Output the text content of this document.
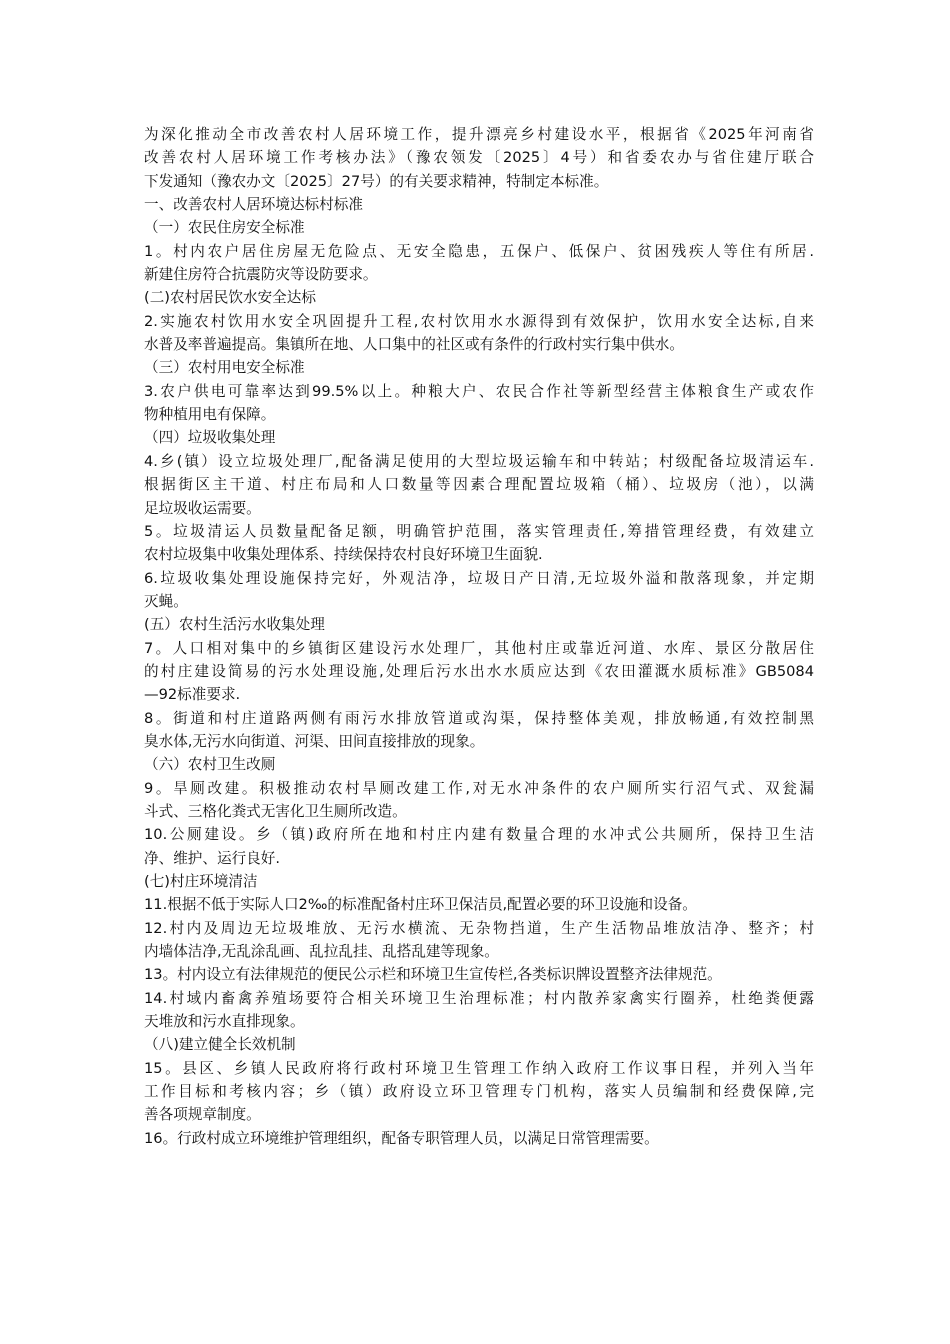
为深化推动全市改善农村人居环境工作，提升漂亮乡村建设水平，根据省《2025年河南省
改善农村人居环境工作考核办法》（豫农领发〔2025〕4号）和省委农办与省住建厅联合
下发通知（豫农办文〔2025〕27号）的有关要求精神，特制定本标准。
一、改善农村人居环境达标村标准
（一）农民住房安全标准
1。村内农户居住房屋无危险点、无安全隐患，五保户、低保户、贫困残疾人等住有所居.
新建住房符合抗震防灾等设防要求。
(二)农村居民饮水安全达标
2.实施农村饮用水安全巩固提升工程,农村饮用水水源得到有效保护，饮用水安全达标,自来
水普及率普遍提高。集镇所在地、人口集中的社区或有条件的行政村实行集中供水。
（三）农村用电安全标准
3.农户供电可靠率达到99.5%以上。种粮大户、农民合作社等新型经营主体粮食生产或农作
物种植用电有保障。
（四）垃圾收集处理
4.乡(镇）设立垃圾处理厂,配备满足使用的大型垃圾运输车和中转站；村级配备垃圾清运车.
根据街区主干道、村庄布局和人口数量等因素合理配置垃圾箱（桶）、垃圾房（池），以满
足垃圾收运需要。
5。垃圾清运人员数量配备足额，明确管护范围，落实管理责任,筹措管理经费，有效建立
农村垃圾集中收集处理体系、持续保持农村良好环境卫生面貌.
6.垃圾收集处理设施保持完好，外观洁净，垃圾日产日清,无垃圾外溢和散落现象，并定期
灭蝇。
(五）农村生活污水收集处理
7。人口相对集中的乡镇街区建设污水处理厂，其他村庄或靠近河道、水库、景区分散居住
的村庄建设简易的污水处理设施,处理后污水出水水质应达到《农田灌溉水质标准》GB5084
—92标准要求.
8。街道和村庄道路两侧有雨污水排放管道或沟渠，保持整体美观，排放畅通,有效控制黑
臭水体,无污水向街道、河渠、田间直接排放的现象。
（六）农村卫生改厕
9。旱厕改建。积极推动农村旱厕改建工作,对无水冲条件的农户厕所实行沼气式、双瓮漏
斗式、三格化粪式无害化卫生厕所改造。
10.公厕建设。乡（镇)政府所在地和村庄内建有数量合理的水冲式公共厕所，保持卫生洁
净、维护、运行良好.
(七)村庄环境清洁
11.根据不低于实际人口2‰的标准配备村庄环卫保洁员,配置必要的环卫设施和设备。
12.村内及周边无垃圾堆放、无污水横流、无杂物挡道，生产生活物品堆放洁净、整齐；村
内墙体洁净,无乱涂乱画、乱拉乱挂、乱搭乱建等现象。
13。村内设立有法律规范的便民公示栏和环境卫生宣传栏,各类标识牌设置整齐法律规范。
14.村域内畜禽养殖场要符合相关环境卫生治理标准；村内散养家禽实行圈养，杜绝粪便露
天堆放和污水直排现象。
（八)建立健全长效机制
15。县区、乡镇人民政府将行政村环境卫生管理工作纳入政府工作议事日程，并列入当年
工作目标和考核内容；乡（镇）政府设立环卫管理专门机构，落实人员编制和经费保障,完
善各项规章制度。
16。行政村成立环境维护管理组织，配备专职管理人员，以满足日常管理需要。
